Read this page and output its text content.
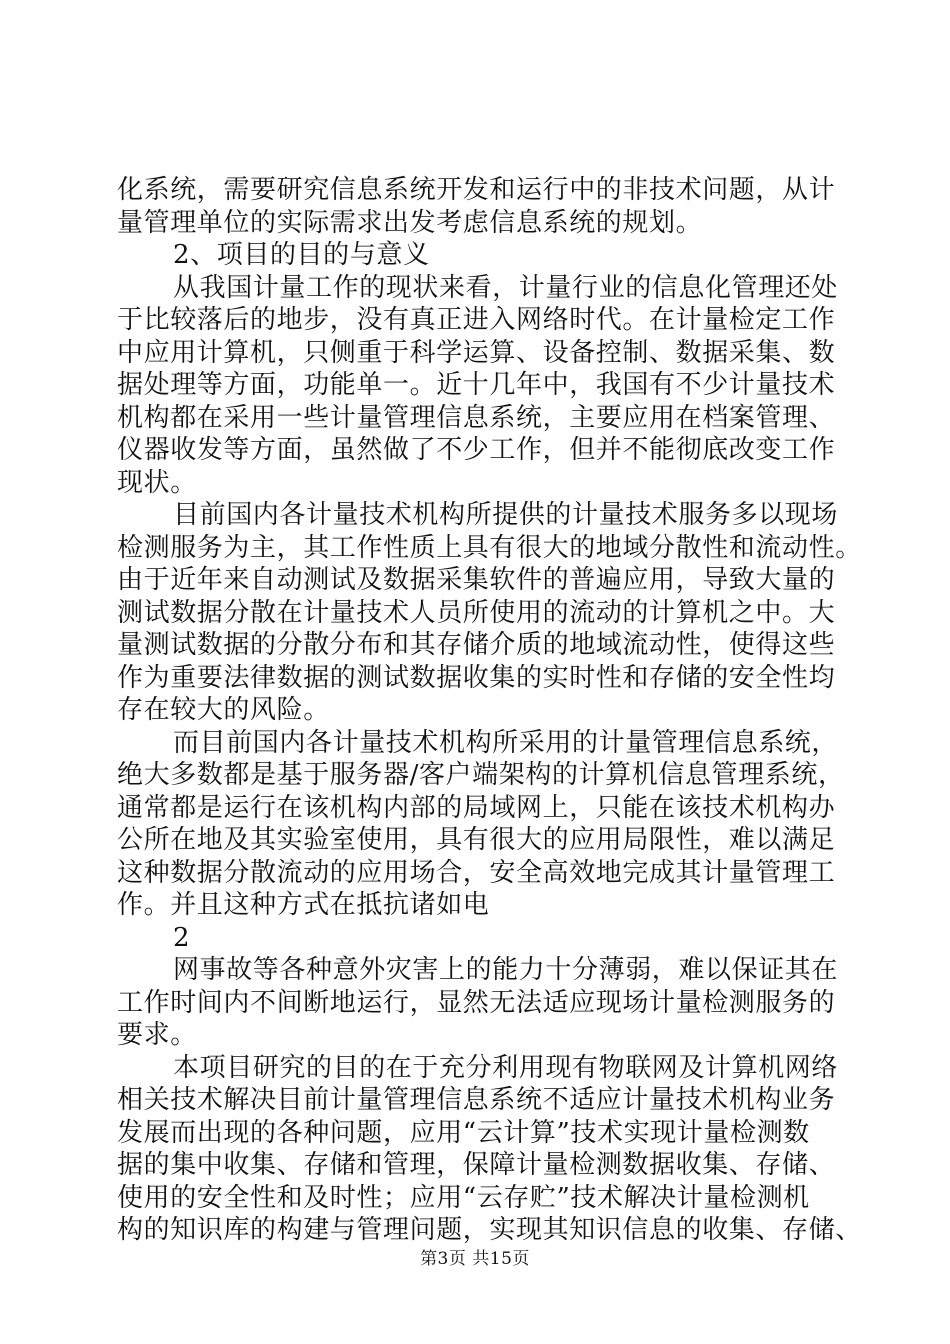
化系统，需要研究信息系统开发和运行中的非技术问题，从计
量管理单位的实际需求出发考虑信息系统的规划。
2、项目的目的与意义
从我国计量工作的现状来看，计量行业的信息化管理还处
于比较落后的地步，没有真正进入网络时代。在计量检定工作
中应用计算机，只侧重于科学运算、设备控制、数据采集、数
据处理等方面，功能单一。近十几年中，我国有不少计量技术
机构都在采用一些计量管理信息系统，主要应用在档案管理、
仪器收发等方面，虽然做了不少工作，但并不能彻底改变工作
现状。
目前国内各计量技术机构所提供的计量技术服务多以现场
检测服务为主，其工作性质上具有很大的地域分散性和流动性。
由于近年来自动测试及数据采集软件的普遍应用，导致大量的
测试数据分散在计量技术人员所使用的流动的计算机之中。大
量测试数据的分散分布和其存储介质的地域流动性，使得这些
作为重要法律数据的测试数据收集的实时性和存储的安全性均
存在较大的风险。
而目前国内各计量技术机构所采用的计量管理信息系统，
绝大多数都是基于服务器/客户端架构的计算机信息管理系统，
通常都是运行在该机构内部的局域网上，只能在该技术机构办
公所在地及其实验室使用，具有很大的应用局限性，难以满足
这种数据分散流动的应用场合，安全高效地完成其计量管理工
作。并且这种方式在抵抗诸如电
2
网事故等各种意外灾害上的能力十分薄弱，难以保证其在
工作时间内不间断地运行，显然无法适应现场计量检测服务的
要求。
本项目研究的目的在于充分利用现有物联网及计算机网络
相关技术解决目前计量管理信息系统不适应计量技术机构业务
发展而出现的各种问题，应用“云计算”技术实现计量检测数
据的集中收集、存储和管理，保障计量检测数据收集、存储、
使用的安全性和及时性；应用“云存贮”技术解决计量检测机
构的知识库的构建与管理问题，实现其知识信息的收集、存储、
第3页 共15页
